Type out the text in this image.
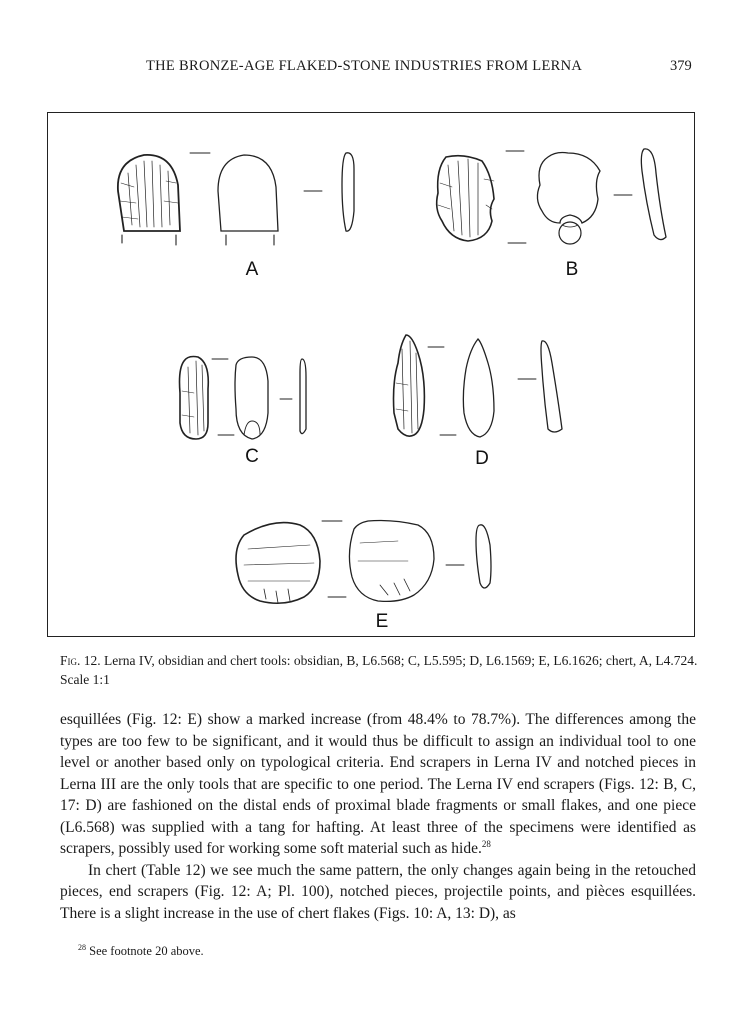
THE BRONZE-AGE FLAKED-STONE INDUSTRIES FROM LERNA	379
A	B
C	D
E
Fig. 12. Lerna IV, obsidian and chert tools: obsidian, B, L6.568; C, L5.595; D, L6.1569; E, L6.1626; chert, A, L4.724. Scale 1:1

esquillées (Fig. 12: E) show a marked increase (from 48.4% to 78.7%). The differences among the types are too few to be significant, and it would thus be difficult to assign an individual tool to one level or another based only on typological criteria. End scrapers in Lerna IV and notched pieces in Lerna III are the only tools that are specific to one period. The Lerna IV end scrapers (Figs. 12: B, C, 17: D) are fashioned on the distal ends of proximal blade fragments or small flakes, and one piece (L6.568) was supplied with a tang for hafting. At least three of the specimens were identified as scrapers, possibly used for working some soft material such as hide.$^{28}$

In chert (Table 12) we see much the same pattern, the only changes again being in the retouched pieces, end scrapers (Fig. 12: A; Pl. 100), notched pieces, projectile points, and pièces esquillées. There is a slight increase in the use of chert flakes (Figs. 10: A, 13: D), as

$^{28}$ See footnote 20 above.
